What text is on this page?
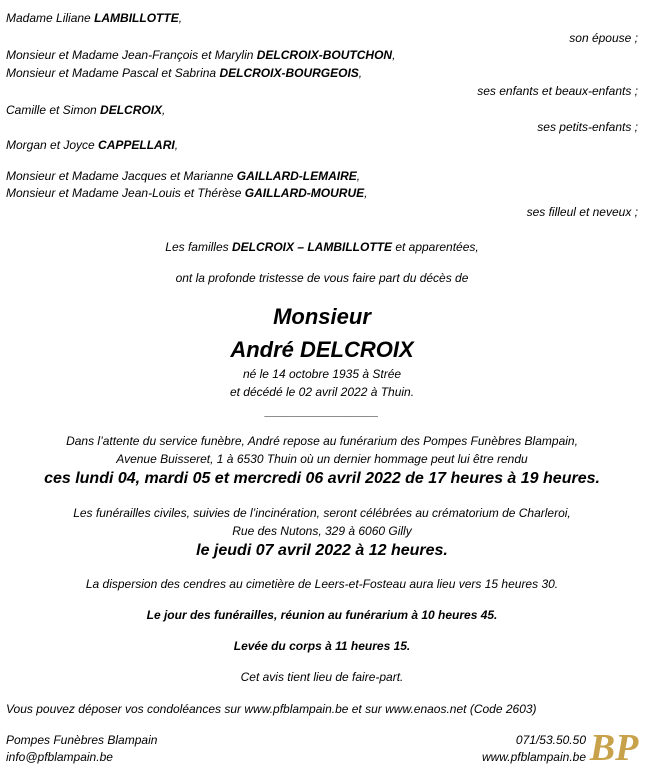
Madame Liliane LAMBILLOTTE,
son épouse ;
Monsieur et Madame Jean-François et Marylin DELCROIX-BOUTCHON,
Monsieur et Madame Pascal et Sabrina DELCROIX-BOURGEOIS,
ses enfants et beaux-enfants ;
Camille et Simon DELCROIX,
ses petits-enfants ;
Morgan et Joyce CAPPELLARI,
Monsieur et Madame Jacques et Marianne GAILLARD-LEMAIRE,
Monsieur et Madame Jean-Louis et Thérèse GAILLARD-MOURUE,
ses filleul et neveux ;
Les familles DELCROIX – LAMBILLOTTE et apparentées,
ont la profonde tristesse de vous faire part du décès de
Monsieur
André DELCROIX
né le 14 octobre 1935 à Strée
et décédé le 02 avril 2022 à Thuin.
_________________
Dans l’attente du service funèbre, André repose au funérarium des Pompes Funèbres Blampain,
Avenue Buisseret, 1 à 6530 Thuin où un dernier hommage peut lui être rendu
ces lundi 04, mardi 05 et mercredi 06 avril 2022 de 17 heures à 19 heures.
Les funérailles civiles, suivies de l’incinération, seront célébrées au crématorium de Charleroi,
Rue des Nutons, 329 à 6060 Gilly
le jeudi 07 avril 2022 à 12 heures.
La dispersion des cendres au cimetière de Leers-et-Fosteau aura lieu vers 15 heures 30.
Le jour des funérailles, réunion au funérarium à 10 heures 45.
Levée du corps à 11 heures 15.
Cet avis tient lieu de faire-part.
Vous pouvez déposer vos condoléances sur www.pfblampain.be et sur www.enaos.net (Code 2603)
Pompes Funèbres Blampain
info@pfblampain.be
071/53.50.50
www.pfblampain.be BP
